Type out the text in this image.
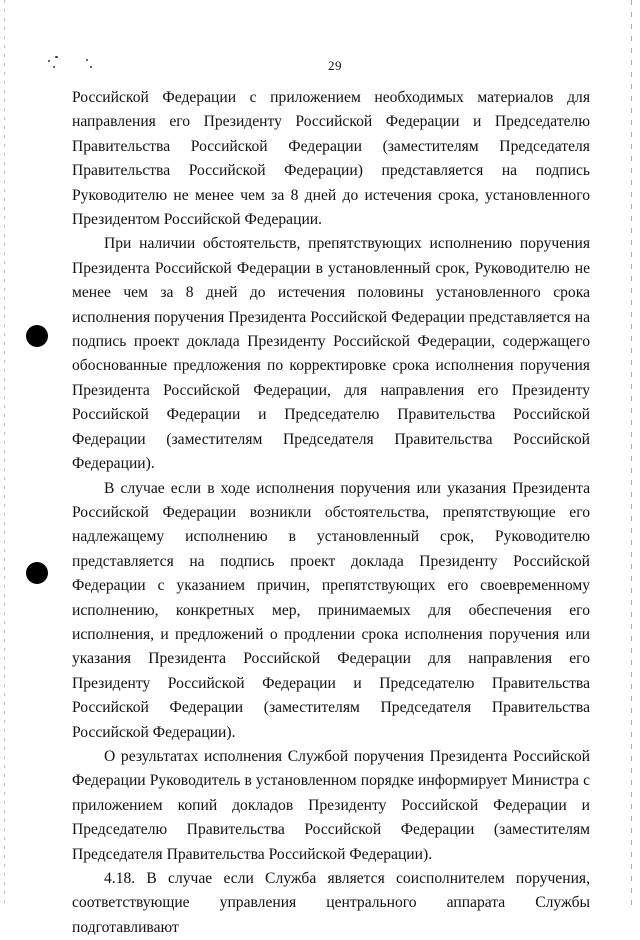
29

Российской Федерации с приложением необходимых материалов для направления его Президенту Российской Федерации и Председателю Правительства Российской Федерации (заместителям Председателя Правительства Российской Федерации) представляется на подпись Руководителю не менее чем за 8 дней до истечения срока, установленного Президентом Российской Федерации.

При наличии обстоятельств, препятствующих исполнению поручения Президента Российской Федерации в установленный срок, Руководителю не менее чем за 8 дней до истечения половины установленного срока исполнения поручения Президента Российской Федерации представляется на подпись проект доклада Президенту Российской Федерации, содержащего обоснованные предложения по корректировке срока исполнения поручения Президента Российской Федерации, для направления его Президенту Российской Федерации и Председателю Правительства Российской Федерации (заместителям Председателя Правительства Российской Федерации).

В случае если в ходе исполнения поручения или указания Президента Российской Федерации возникли обстоятельства, препятствующие его надлежащему исполнению в установленный срок, Руководителю представляется на подпись проект доклада Президенту Российской Федерации с указанием причин, препятствующих его своевременному исполнению, конкретных мер, принимаемых для обеспечения его исполнения, и предложений о продлении срока исполнения поручения или указания Президента Российской Федерации для направления его Президенту Российской Федерации и Председателю Правительства Российской Федерации (заместителям Председателя Правительства Российской Федерации).

О результатах исполнения Службой поручения Президента Российской Федерации Руководитель в установленном порядке информирует Министра с приложением копий докладов Президенту Российской Федерации и Председателю Правительства Российской Федерации (заместителям Председателя Правительства Российской Федерации).

4.18. В случае если Служба является соисполнителем поручения, соответствующие управления центрального аппарата Службы подготавливают
